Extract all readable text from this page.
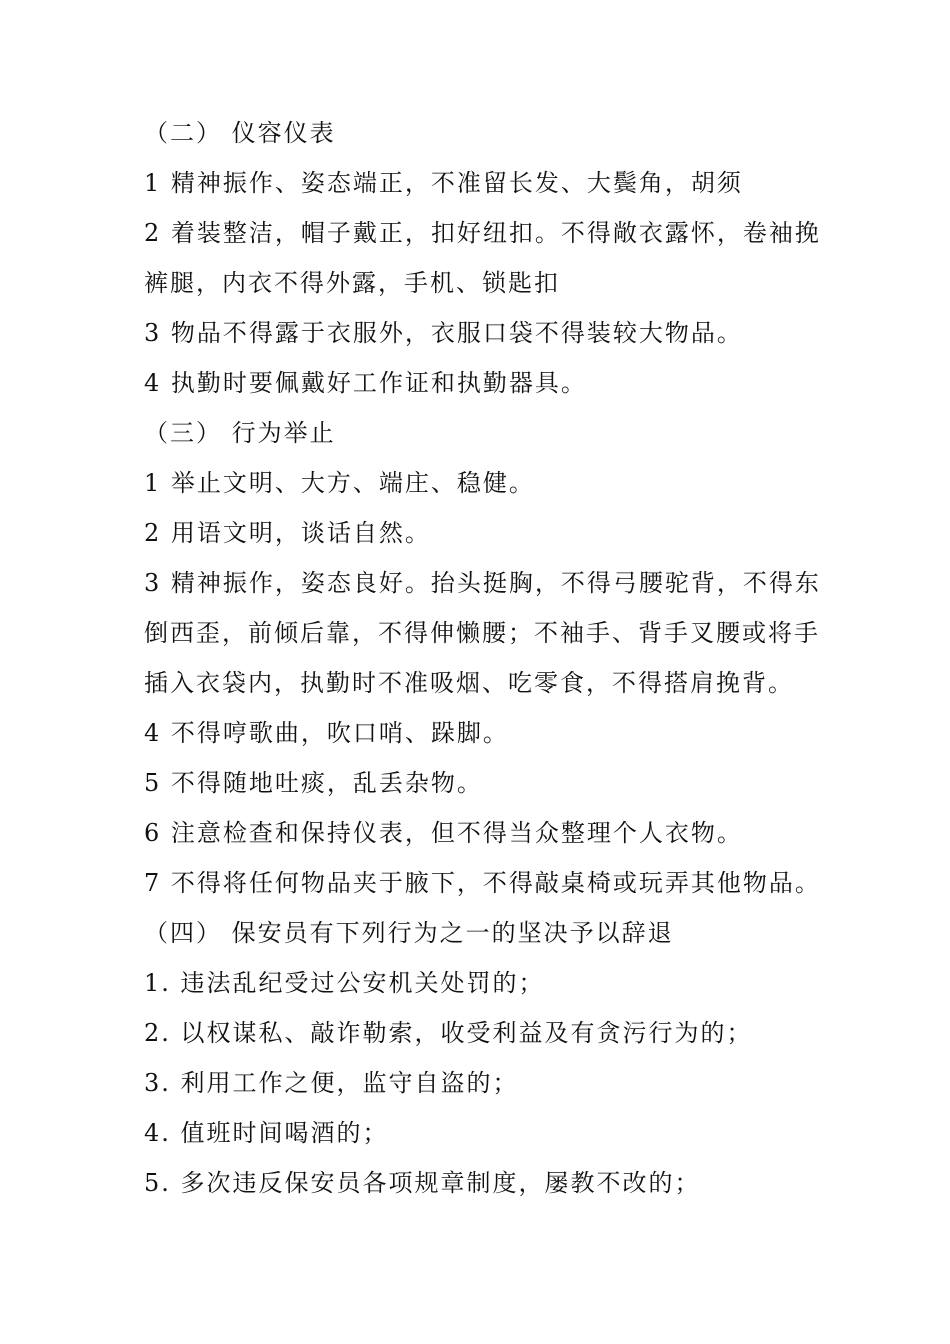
（二） 仪容仪表
1 精神振作、姿态端正，不准留长发、大鬓角，胡须
2 着装整洁，帽子戴正，扣好纽扣。不得敞衣露怀，卷袖挽
裤腿，内衣不得外露，手机、锁匙扣
3 物品不得露于衣服外，衣服口袋不得装较大物品。
4 执勤时要佩戴好工作证和执勤器具。
（三） 行为举止
1 举止文明、大方、端庄、稳健。
2 用语文明，谈话自然。
3 精神振作，姿态良好。抬头挺胸，不得弓腰驼背，不得东
倒西歪，前倾后靠，不得伸懒腰；不袖手、背手叉腰或将手
插入衣袋内，执勤时不准吸烟、吃零食，不得搭肩挽背。
4 不得哼歌曲，吹口哨、跺脚。
5 不得随地吐痰，乱丢杂物。
6 注意检查和保持仪表，但不得当众整理个人衣物。
7 不得将任何物品夹于腋下，不得敲桌椅或玩弄其他物品。
（四） 保安员有下列行为之一的坚决予以辞退
1. 违法乱纪受过公安机关处罚的；
2. 以权谋私、敲诈勒索，收受利益及有贪污行为的；
3. 利用工作之便，监守自盗的；
4. 值班时间喝酒的；
5. 多次违反保安员各项规章制度，屡教不改的；
